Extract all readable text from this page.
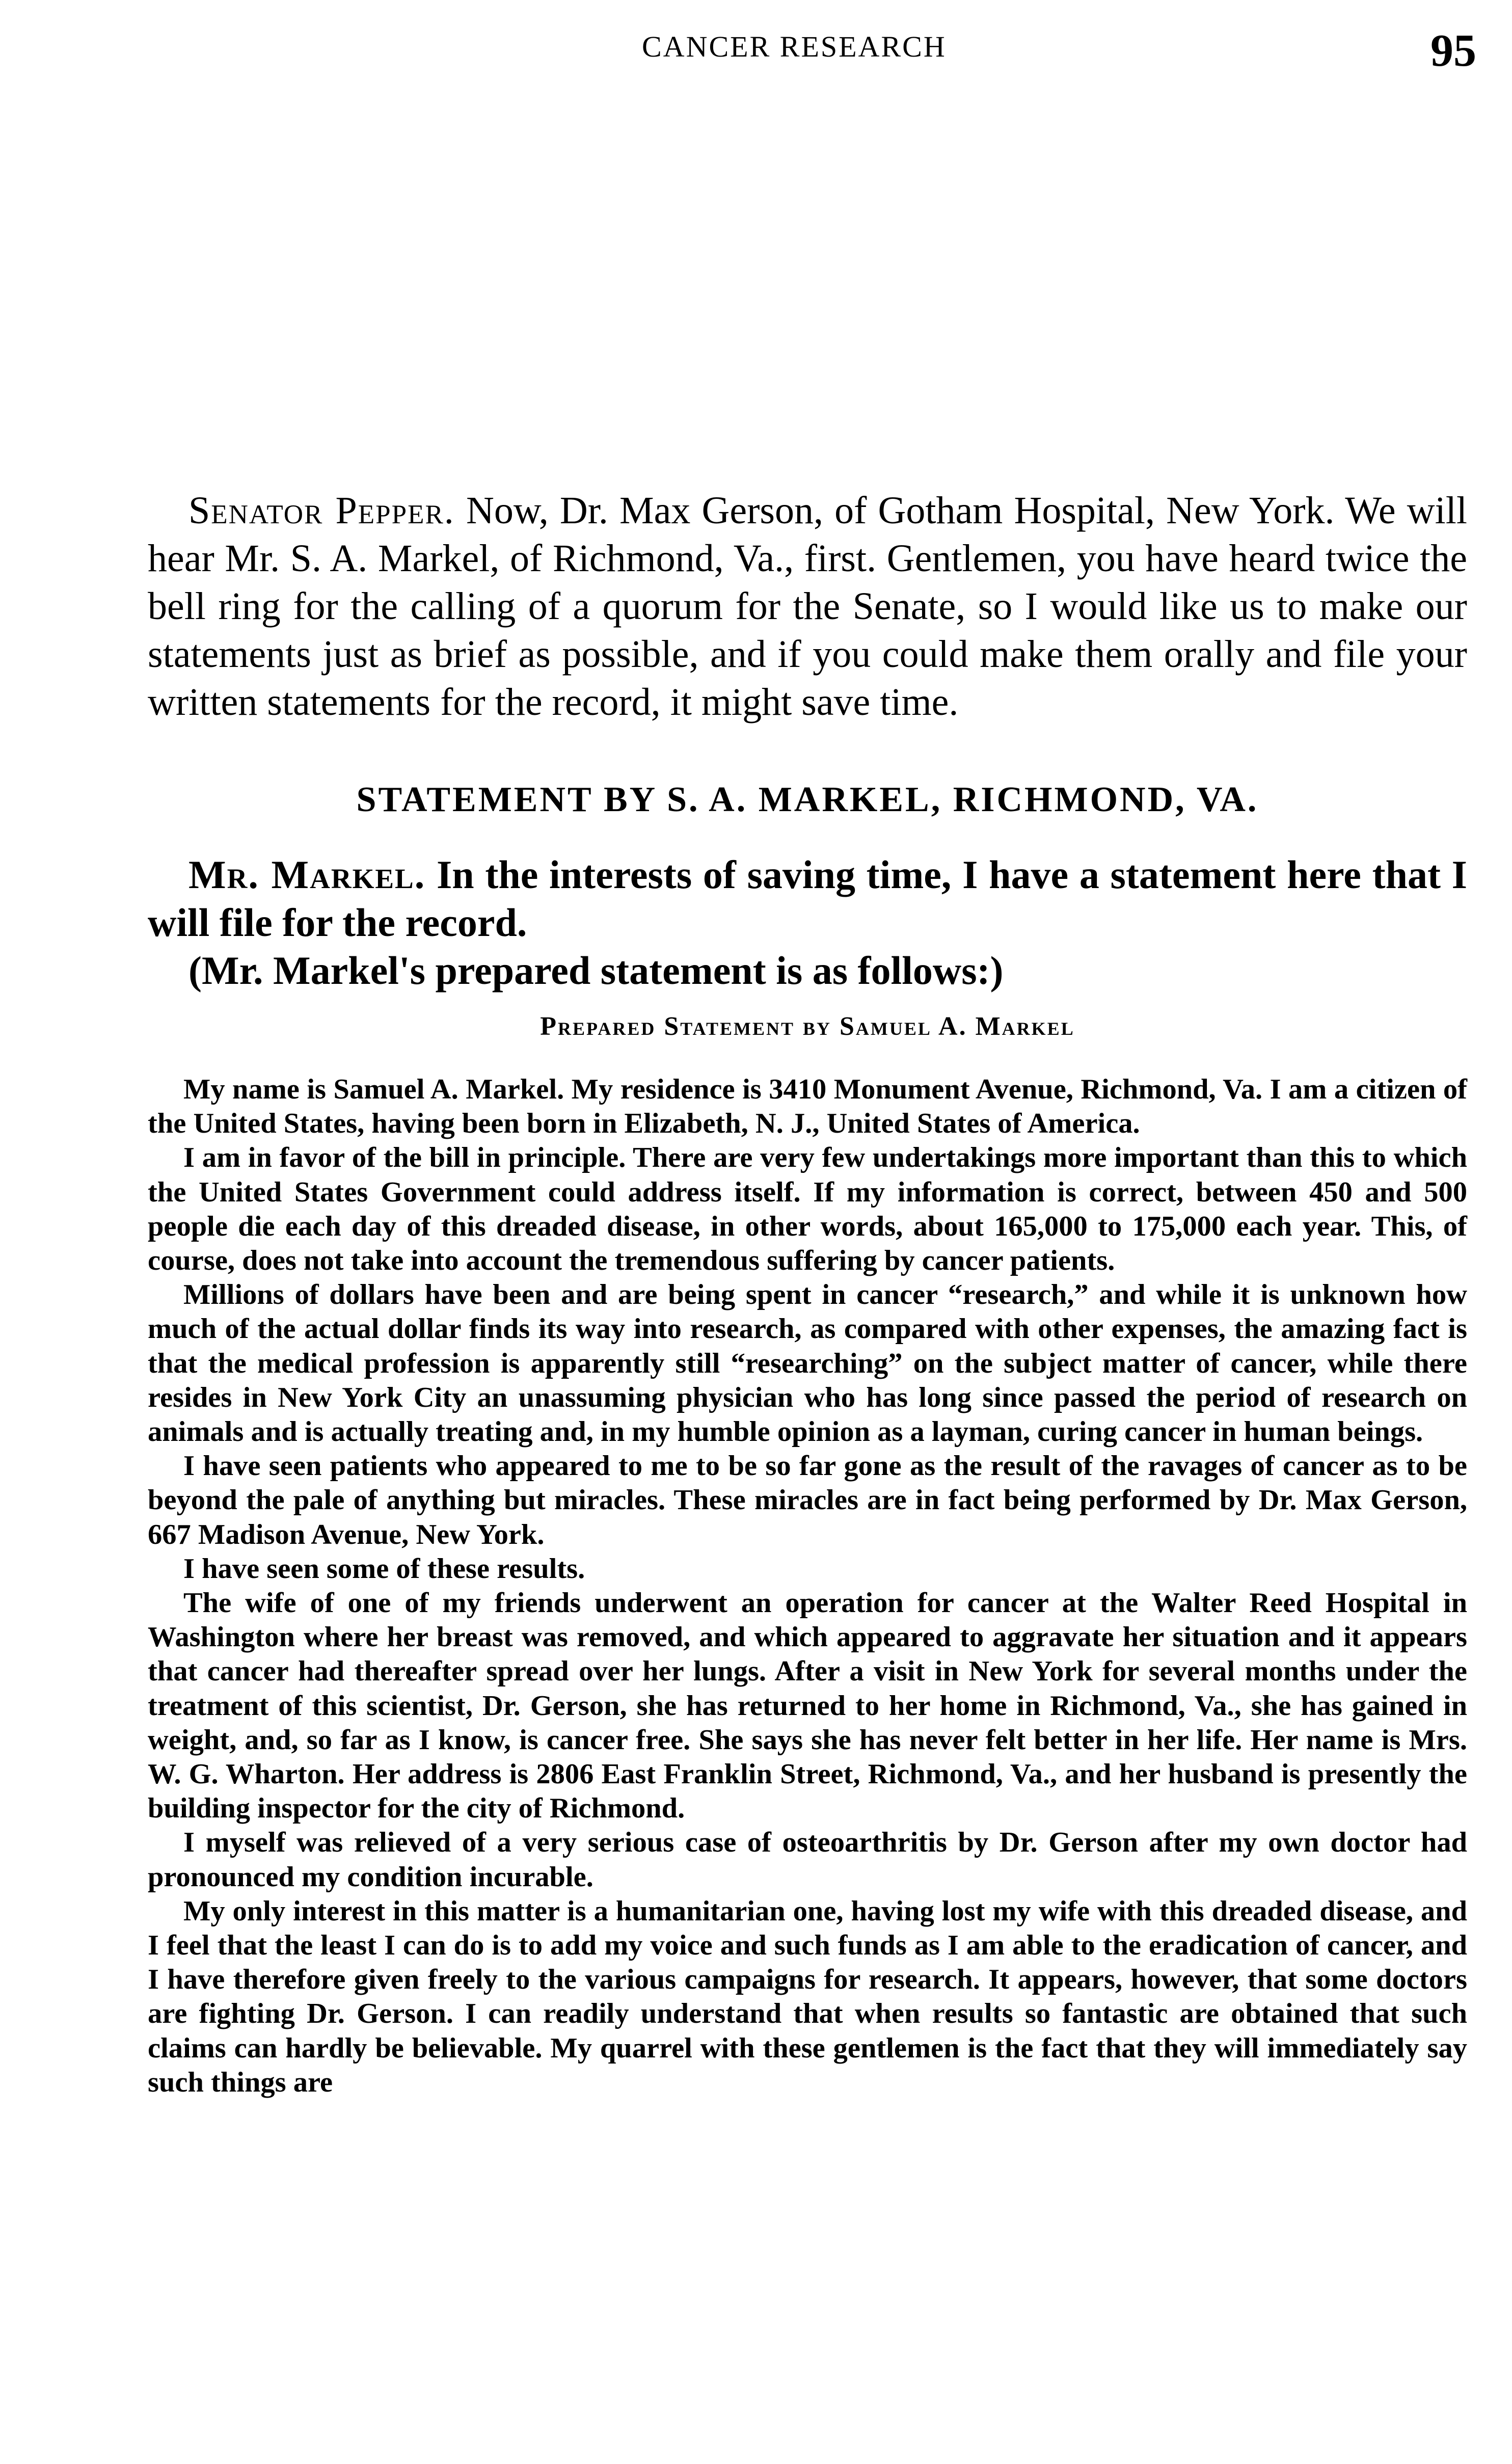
CANCER RESEARCH	95
Senator Pepper. Now, Dr. Max Gerson, of Gotham Hospital, New York. We will hear Mr. S. A. Markel, of Richmond, Va., first. Gentlemen, you have heard twice the bell ring for the calling of a quorum for the Senate, so I would like us to make our statements just as brief as possible, and if you could make them orally and file your written statements for the record, it might save time.
STATEMENT BY S. A. MARKEL, RICHMOND, VA.

Mr. Markel. In the interests of saving time, I have a statement here that I will file for the record.

(Mr. Markel's prepared statement is as follows:)

Prepared Statement by Samuel A. Markel

My name is Samuel A. Markel. My residence is 3410 Monument Avenue, Richmond, Va. I am a citizen of the United States, having been born in Elizabeth, N. J., United States of America.

I am in favor of the bill in principle. There are very few undertakings more important than this to which the United States Government could address itself. If my information is correct, between 450 and 500 people die each day of this dreaded disease, in other words, about 165,000 to 175,000 each year. This, of course, does not take into account the tremendous suffering by cancer patients.

Millions of dollars have been and are being spent in cancer “research,” and while it is unknown how much of the actual dollar finds its way into research, as compared with other expenses, the amazing fact is that the medical profession is apparently still “researching” on the subject matter of cancer, while there resides in New York City an unassuming physician who has long since passed the period of research on animals and is actually treating and, in my humble opinion as a layman, curing cancer in human beings.

I have seen patients who appeared to me to be so far gone as the result of the ravages of cancer as to be beyond the pale of anything but miracles. These miracles are in fact being performed by Dr. Max Gerson, 667 Madison Avenue, New York.

I have seen some of these results.

The wife of one of my friends underwent an operation for cancer at the Walter Reed Hospital in Washington where her breast was removed, and which appeared to aggravate her situation and it appears that cancer had thereafter spread over her lungs. After a visit in New York for several months under the treatment of this scientist, Dr. Gerson, she has returned to her home in Richmond, Va., she has gained in weight, and, so far as I know, is cancer free. She says she has never felt better in her life. Her name is Mrs. W. G. Wharton. Her address is 2806 East Franklin Street, Richmond, Va., and her husband is presently the building inspector for the city of Richmond.

I myself was relieved of a very serious case of osteoarthritis by Dr. Gerson after my own doctor had pronounced my condition incurable.

My only interest in this matter is a humanitarian one, having lost my wife with this dreaded disease, and I feel that the least I can do is to add my voice and such funds as I am able to the eradication of cancer, and I have therefore given freely to the various campaigns for research. It appears, however, that some doctors are fighting Dr. Gerson. I can readily understand that when results so fantastic are obtained that such claims can hardly be believable. My quarrel with these gentlemen is the fact that they will immediately say such things are
